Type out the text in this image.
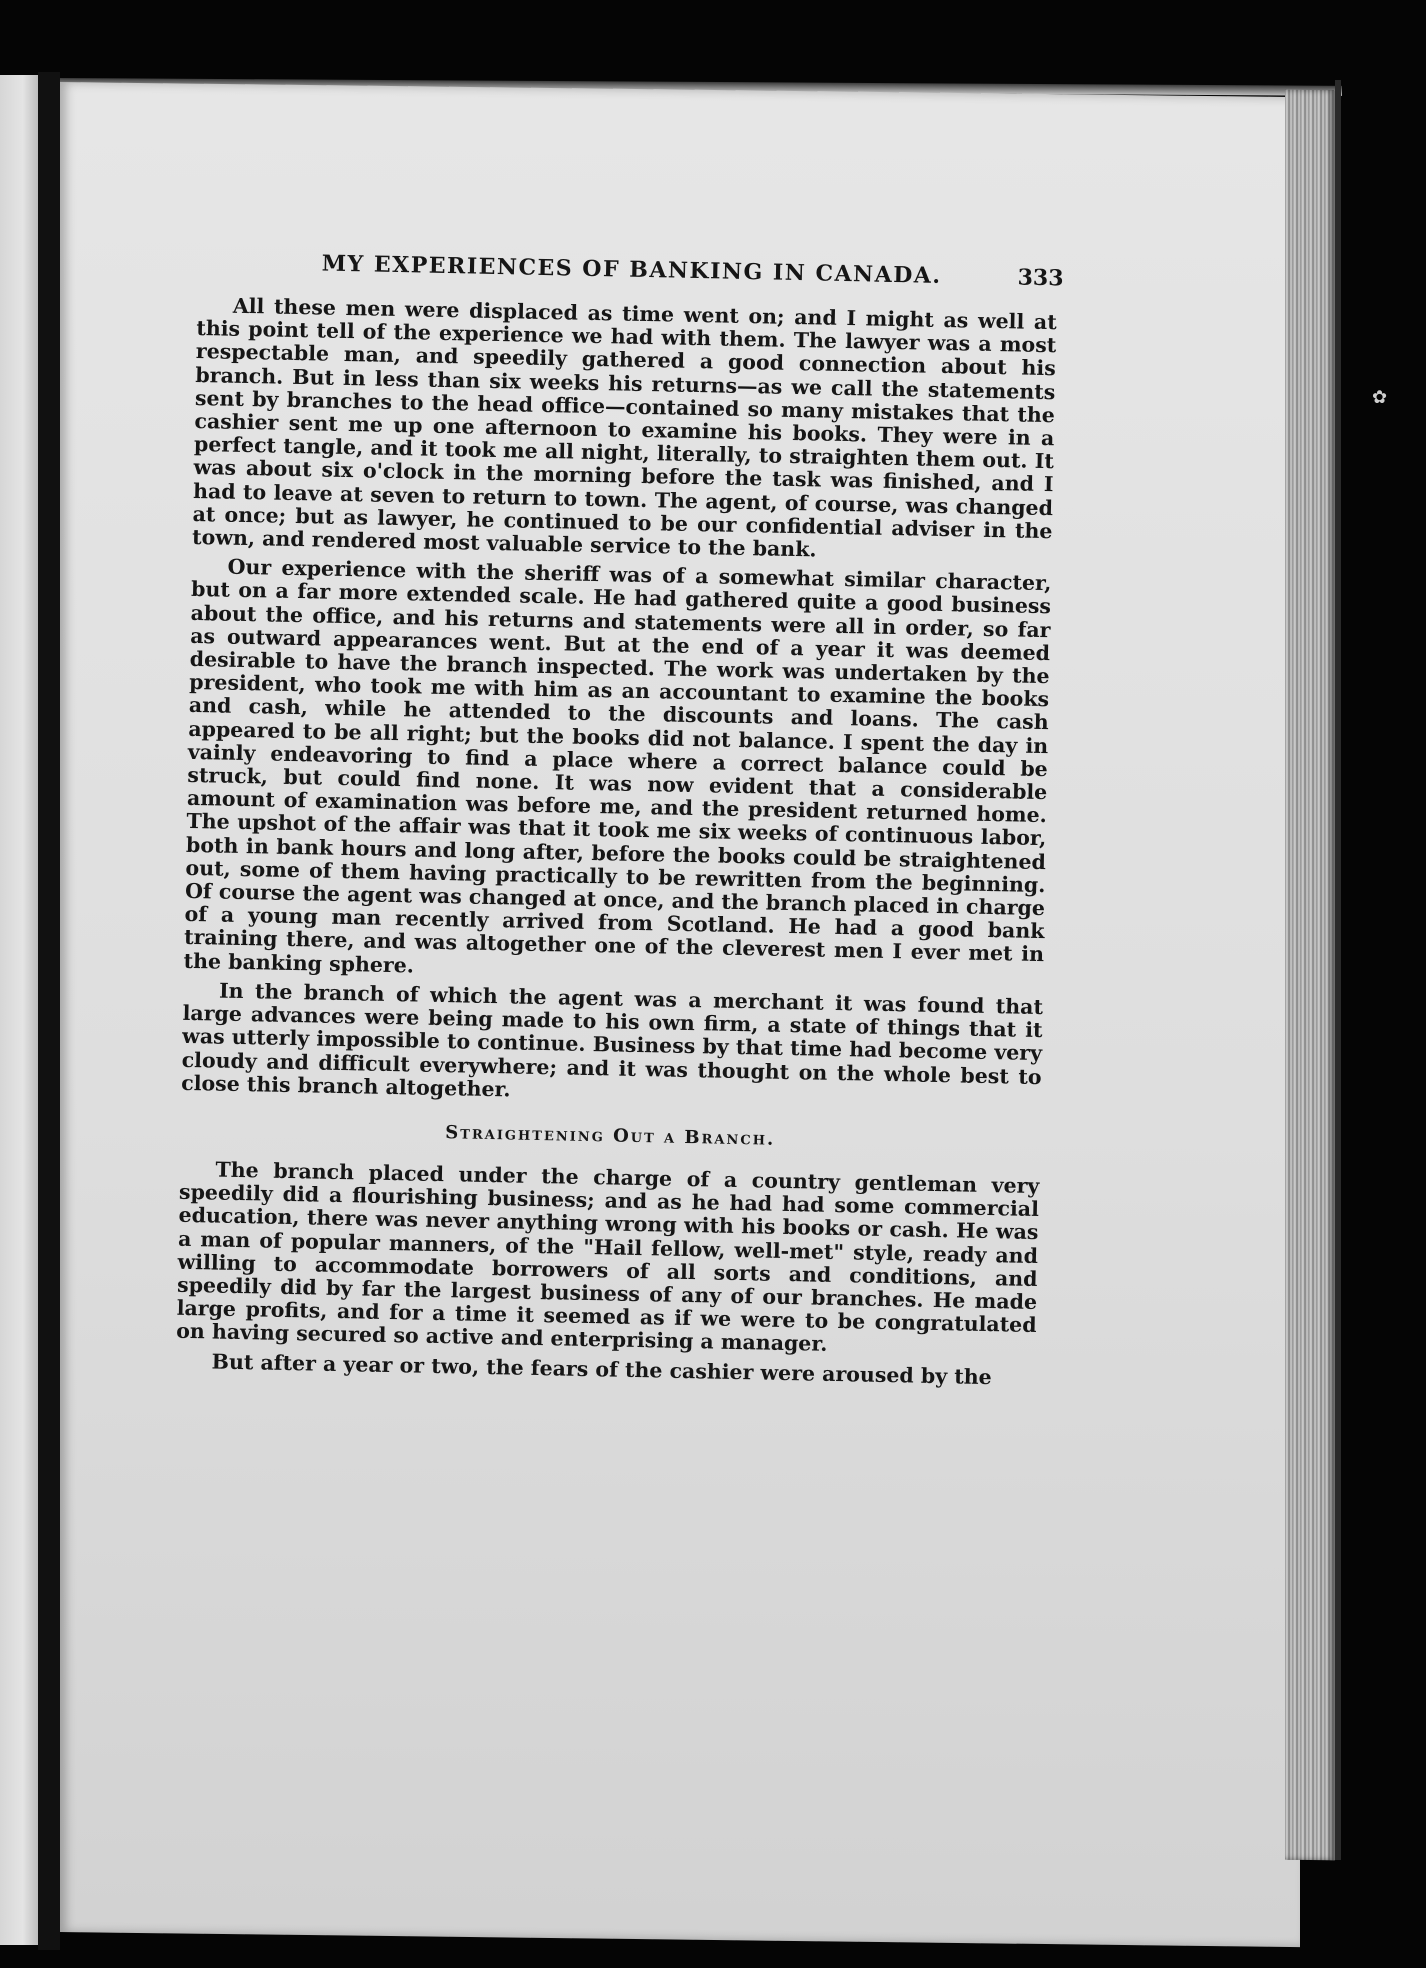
✿
MY EXPERIENCES OF BANKING IN CANADA.	333

All these men were displaced as time went on; and I might as well at this point tell of the experience we had with them. The lawyer was a most respectable man, and speedily gathered a good connection about his branch. But in less than six weeks his returns—as we call the statements sent by branches to the head office—contained so many mistakes that the cashier sent me up one afternoon to examine his books. They were in a perfect tangle, and it took me all night, literally, to straighten them out. It was about six o'clock in the morning before the task was finished, and I had to leave at seven to return to town. The agent, of course, was changed at once; but as lawyer, he continued to be our confidential adviser in the town, and rendered most valuable service to the bank.

Our experience with the sheriff was of a somewhat similar character, but on a far more extended scale. He had gathered quite a good business about the office, and his returns and statements were all in order, so far as outward appearances went. But at the end of a year it was deemed desirable to have the branch inspected. The work was undertaken by the president, who took me with him as an accountant to examine the books and cash, while he attended to the discounts and loans. The cash appeared to be all right; but the books did not balance. I spent the day in vainly endeavoring to find a place where a correct balance could be struck, but could find none. It was now evident that a considerable amount of examination was before me, and the president returned home. The upshot of the affair was that it took me six weeks of continuous labor, both in bank hours and long after, before the books could be straightened out, some of them having practically to be rewritten from the beginning. Of course the agent was changed at once, and the branch placed in charge of a young man recently arrived from Scotland. He had a good bank training there, and was altogether one of the cleverest men I ever met in the banking sphere.

In the branch of which the agent was a merchant it was found that large advances were being made to his own firm, a state of things that it was utterly impossible to continue. Business by that time had become very cloudy and difficult everywhere; and it was thought on the whole best to close this branch altogether.

Straightening Out a Branch.

The branch placed under the charge of a country gentleman very speedily did a flourishing business; and as he had had some commercial education, there was never anything wrong with his books or cash. He was a man of popular manners, of the "Hail fellow, well-met" style, ready and willing to accommodate borrowers of all sorts and conditions, and speedily did by far the largest business of any of our branches. He made large profits, and for a time it seemed as if we were to be congratulated on having secured so active and enterprising a manager.

But after a year or two, the fears of the cashier were aroused by the
